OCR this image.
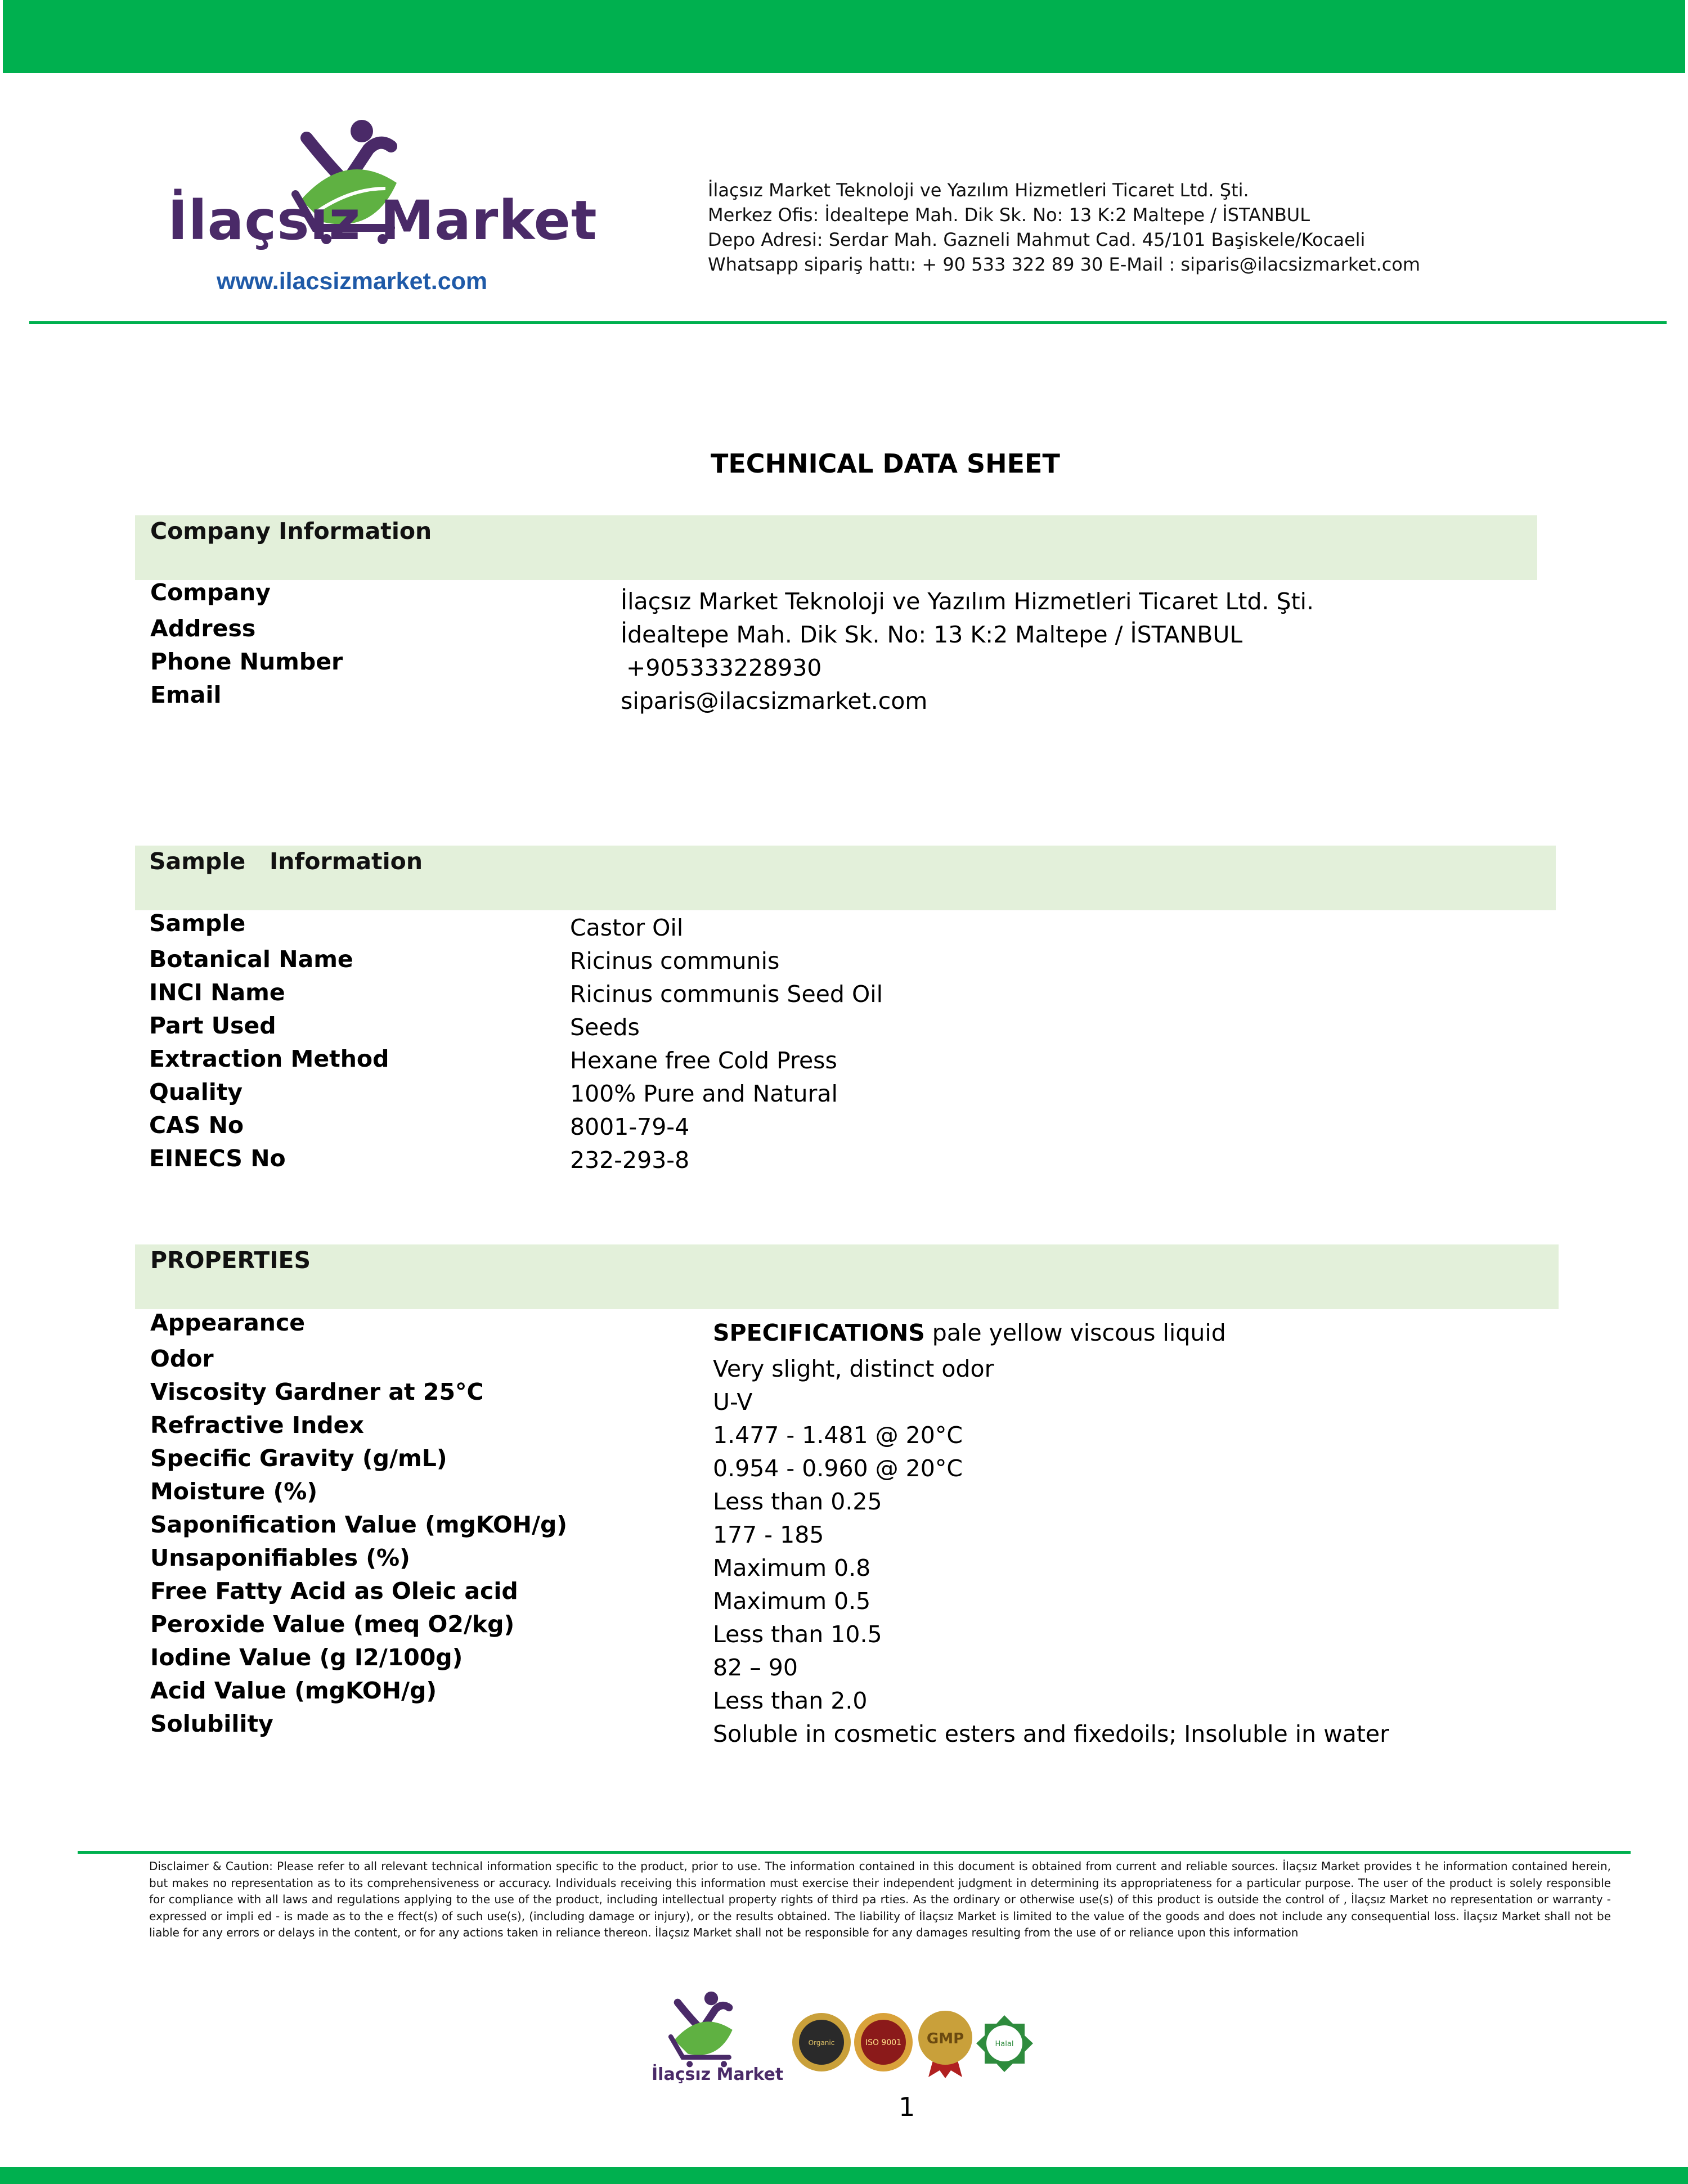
İlaçsız Market
www.ilacsizmarket.com
İlaçsız Market Teknoloji ve Yazılım Hizmetleri Ticaret Ltd. Şti.
Merkez Ofis: İdealtepe Mah. Dik Sk. No: 13 K:2 Maltepe / İSTANBUL
Depo Adresi: Serdar Mah. Gazneli Mahmut Cad. 45/101 Başiskele/Kocaeli
Whatsapp sipariş hattı: + 90 533 322 89 30 E-Mail : siparis@ilacsizmarket.com
TECHNICAL DATA SHEET
Company Information
Company
Address
Phone Number
Email
İlaçsız Market Teknoloji ve Yazılım Hizmetleri Ticaret Ltd. Şti.
İdealtepe Mah. Dik Sk. No: 13 K:2 Maltepe / İSTANBUL
+905333228930
siparis@ilacsizmarket.com
Sample   Information
Sample
Botanical Name
INCI Name
Part Used
Extraction Method
Quality
CAS No
EINECS No
Castor Oil
Ricinus communis
Ricinus communis Seed Oil
Seeds
Hexane free Cold Press
100% Pure and Natural
8001-79-4
232-293-8
PROPERTIES
Appearance
Odor
Viscosity Gardner at 25°C
Refractive Index
Specific Gravity (g/mL)
Moisture (%)
Saponification Value (mgKOH/g)
Unsaponifiables (%)
Free Fatty Acid as Oleic acid
Peroxide Value (meq O2/kg)
Iodine Value (g I2/100g)
Acid Value (mgKOH/g)
Solubility
SPECIFICATIONS pale yellow viscous liquid
Very slight, distinct odor
U-V
1.477 - 1.481 @ 20°C
0.954 - 0.960 @ 20°C
Less than 0.25
177 - 185
Maximum 0.8
Maximum 0.5
Less than 10.5
82 – 90
Less than 2.0
Soluble in cosmetic esters and fixedoils; Insoluble in water
Disclaimer & Caution: Please refer to all relevant technical information specific to the product, prior to use. The information contained in this document is obtained from current and reliable sources. İlaçsız Market provides t he information contained herein, but makes no representation as to its comprehensiveness or accuracy. Individuals receiving this information must exercise their independent judgment in determining its appropriateness for a particular purpose. The user of the product is solely responsible for compliance with all laws and regulations applying to the use of the product, including intellectual property rights of third pa rties. As the ordinary or otherwise use(s) of this product is outside the control of , İlaçsız Market no representation or warranty - expressed or impli ed - is made as to the e ffect(s) of such use(s), (including damage or injury), or the results obtained. The liability of İlaçsız Market is limited to the value of the goods and does not include any consequential loss. İlaçsız Market shall not be liable for any errors or delays in the content, or for any actions taken in reliance thereon. İlaçsız Market shall not be responsible for any damages resulting from the use of or reliance upon this information
İlaçsız Market
Organic	ISO 9001 GMP	Halal
1
